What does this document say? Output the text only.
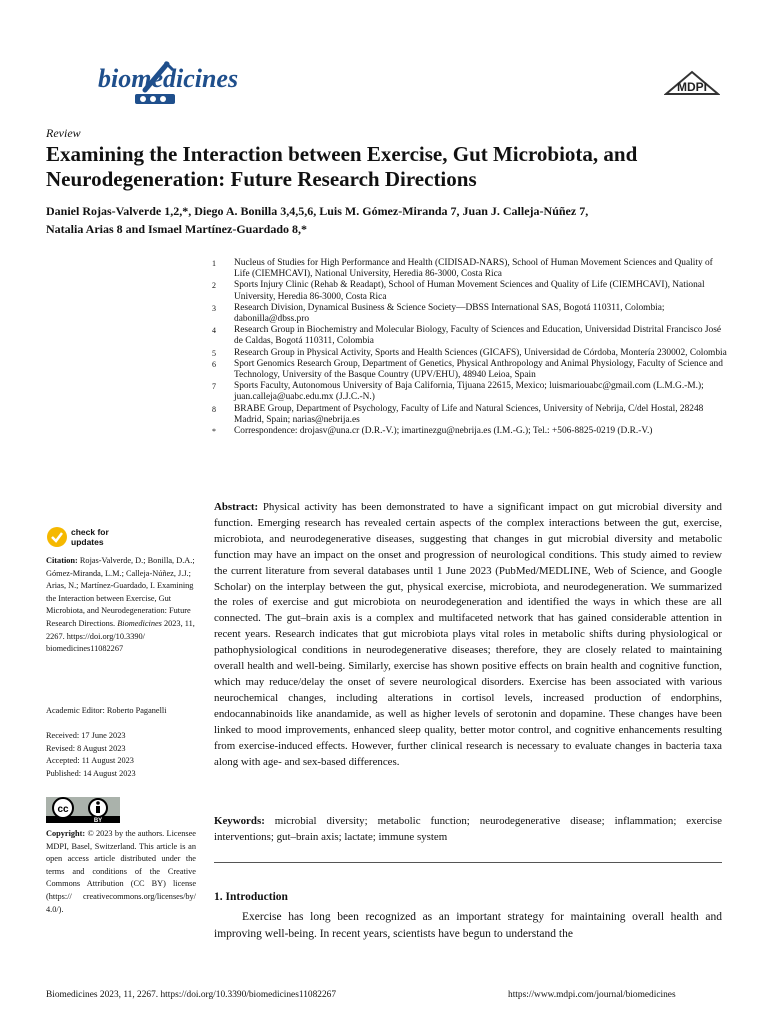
biomedicines	MDPI
Review
Examining the Interaction between Exercise, Gut Microbiota, and Neurodegeneration: Future Research Directions
Daniel Rojas-Valverde 1,2,*, Diego A. Bonilla 3,4,5,6, Luis M. Gómez-Miranda 7, Juan J. Calleja-Núñez 7,
Natalia Arias 8 and Ismael Martínez-Guardado 8,*
1	Nucleus of Studies for High Performance and Health (CIDISAD-NARS), School of Human Movement Sciences and Quality of Life (CIEMHCAVI), National University, Heredia 86-3000, Costa Rica
2	Sports Injury Clinic (Rehab & Readapt), School of Human Movement Sciences and Quality of Life (CIEMHCAVI), National University, Heredia 86-3000, Costa Rica
3	Research Division, Dynamical Business & Science Society—DBSS International SAS, Bogotá 110311, Colombia; dabonilla@dbss.pro
4	Research Group in Biochemistry and Molecular Biology, Faculty of Sciences and Education, Universidad Distrital Francisco José de Caldas, Bogotá 110311, Colombia
5	Research Group in Physical Activity, Sports and Health Sciences (GICAFS), Universidad de Córdoba, Montería 230002, Colombia
6	Sport Genomics Research Group, Department of Genetics, Physical Anthropology and Animal Physiology, Faculty of Science and Technology, University of the Basque Country (UPV/EHU), 48940 Leioa, Spain
7	Sports Faculty, Autonomous University of Baja California, Tijuana 22615, Mexico; luismariouabc@gmail.com (L.M.G.-M.); juan.calleja@uabc.edu.mx (J.J.C.-N.)
8	BRABE Group, Department of Psychology, Faculty of Life and Natural Sciences, University of Nebrija, C/del Hostal, 28248 Madrid, Spain; narias@nebrija.es
*	Correspondence: drojasv@una.cr (D.R.-V.); imartinezgu@nebrija.es (I.M.-G.); Tel.: +506-8825-0219 (D.R.-V.)
Abstract: Physical activity has been demonstrated to have a significant impact on gut microbial diversity and function. Emerging research has revealed certain aspects of the complex interactions between the gut, exercise, microbiota, and neurodegenerative diseases, suggesting that changes in gut microbial diversity and metabolic function may have an impact on the onset and progression of neurological conditions. This study aimed to review the current literature from several databases until 1 June 2023 (PubMed/MEDLINE, Web of Science, and Google Scholar) on the interplay between the gut, physical exercise, microbiota, and neurodegeneration. We summarized the roles of exercise and gut microbiota on neurodegeneration and identified the ways in which these are all connected. The gut–brain axis is a complex and multifaceted network that has gained considerable attention in recent years. Research indicates that gut microbiota plays vital roles in metabolic shifts during physiological or pathophysiological conditions in neurodegenerative diseases; therefore, they are closely related to maintaining overall health and well-being. Similarly, exercise has shown positive effects on brain health and cognitive function, which may reduce/delay the onset of severe neurological disorders. Exercise has been associated with various neurochemical changes, including alterations in cortisol levels, increased production of endorphins, endocannabinoids like anandamide, as well as higher levels of serotonin and dopamine. These changes have been linked to mood improvements, enhanced sleep quality, better motor control, and cognitive enhancements resulting from exercise-induced effects. However, further clinical research is necessary to evaluate changes in bacteria taxa along with age- and sex-based differences.
Keywords: microbial diversity; metabolic function; neurodegenerative disease; inflammation; exercise interventions; gut–brain axis; lactate; immune system
1. Introduction
Exercise has long been recognized as an important strategy for maintaining overall health and improving well-being. In recent years, scientists have begun to understand the
check for
updates
Citation: Rojas-Valverde, D.; Bonilla, D.A.; Gómez-Miranda, L.M.; Calleja-Núñez, J.J.; Arias, N.; Martínez-Guardado, I. Examining the Interaction between Exercise, Gut Microbiota, and Neurodegeneration: Future Research Directions. Biomedicines 2023, 11, 2267. https://doi.org/10.3390/ biomedicines11082267
Academic Editor: Roberto Paganelli
Received: 17 June 2023
Revised: 8 August 2023
Accepted: 11 August 2023
Published: 14 August 2023
cc
BY
Copyright: © 2023 by the authors. Licensee MDPI, Basel, Switzerland. This article is an open access article distributed under the terms and conditions of the Creative Commons Attribution (CC BY) license (https:// creativecommons.org/licenses/by/ 4.0/).
Biomedicines 2023, 11, 2267. https://doi.org/10.3390/biomedicines11082267	https://www.mdpi.com/journal/biomedicines
